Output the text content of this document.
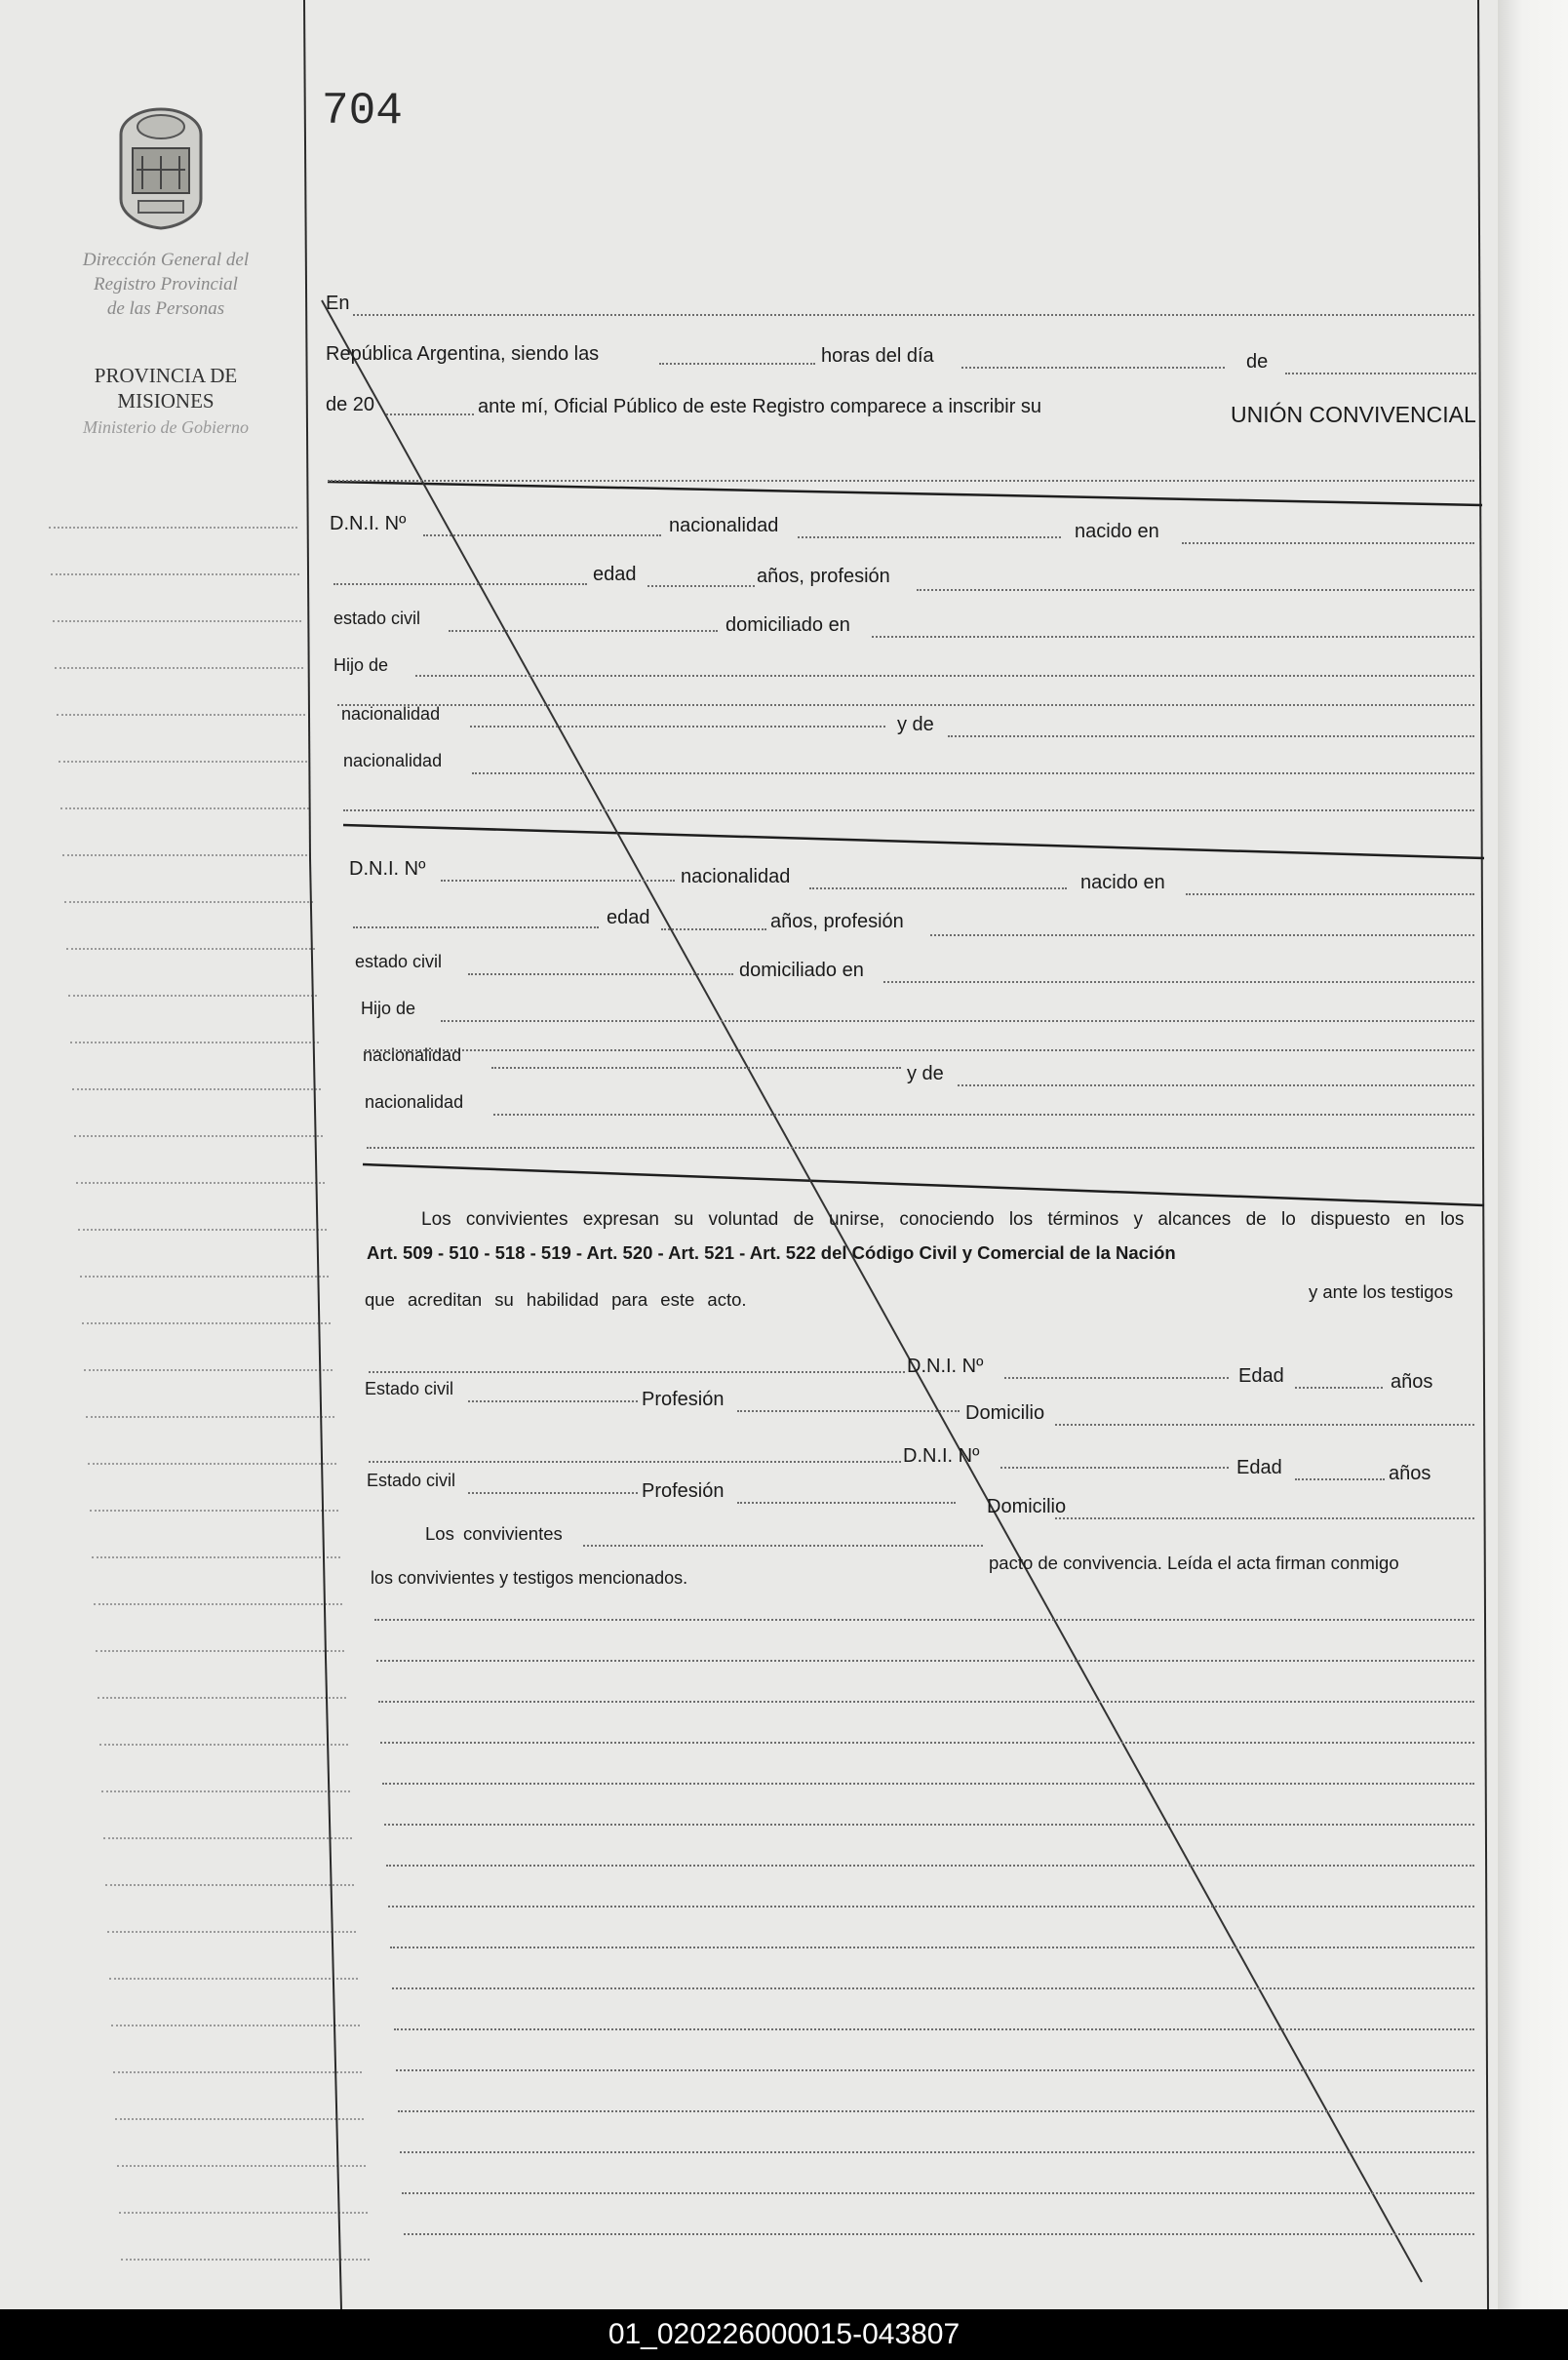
704
Dirección General del
Registro Provincial
de las Personas
PROVINCIA DE
MISIONES
Ministerio de Gobierno
En
República Argentina, siendo las	horas del día	de
de 20	ante mí, Oficial Público de este Registro comparece a inscribir su	UNIÓN CONVIVENCIAL
D.N.I. Nº	nacionalidad	nacido en
edad	años, profesión
estado civil	domiciliado en
Hijo de
nacionalidad	y de
nacionalidad
D.N.I. Nº	nacionalidad	nacido en
edad	años, profesión
estado civil	domiciliado en
Hijo de
nacionalidad
y de
nacionalidad
Los convivientes expresan su voluntad de unirse, conociendo los términos y alcances de lo dispuesto en los
Art. 509 - 510 - 518 - 519 - Art. 520 - Art. 521 - Art. 522 del Código Civil y Comercial de la Nación
y ante los testigos
que acreditan su habilidad para este acto.
D.N.I. Nº	Edad	años
Estado civil	Profesión
Domicilio
D.N.I. Nº
Edad	años
Estado civil	Profesión
Domicilio
Los convivientes
pacto de convivencia. Leída el acta firman conmigo
los convivientes y testigos mencionados.
01_020226000015-043807
